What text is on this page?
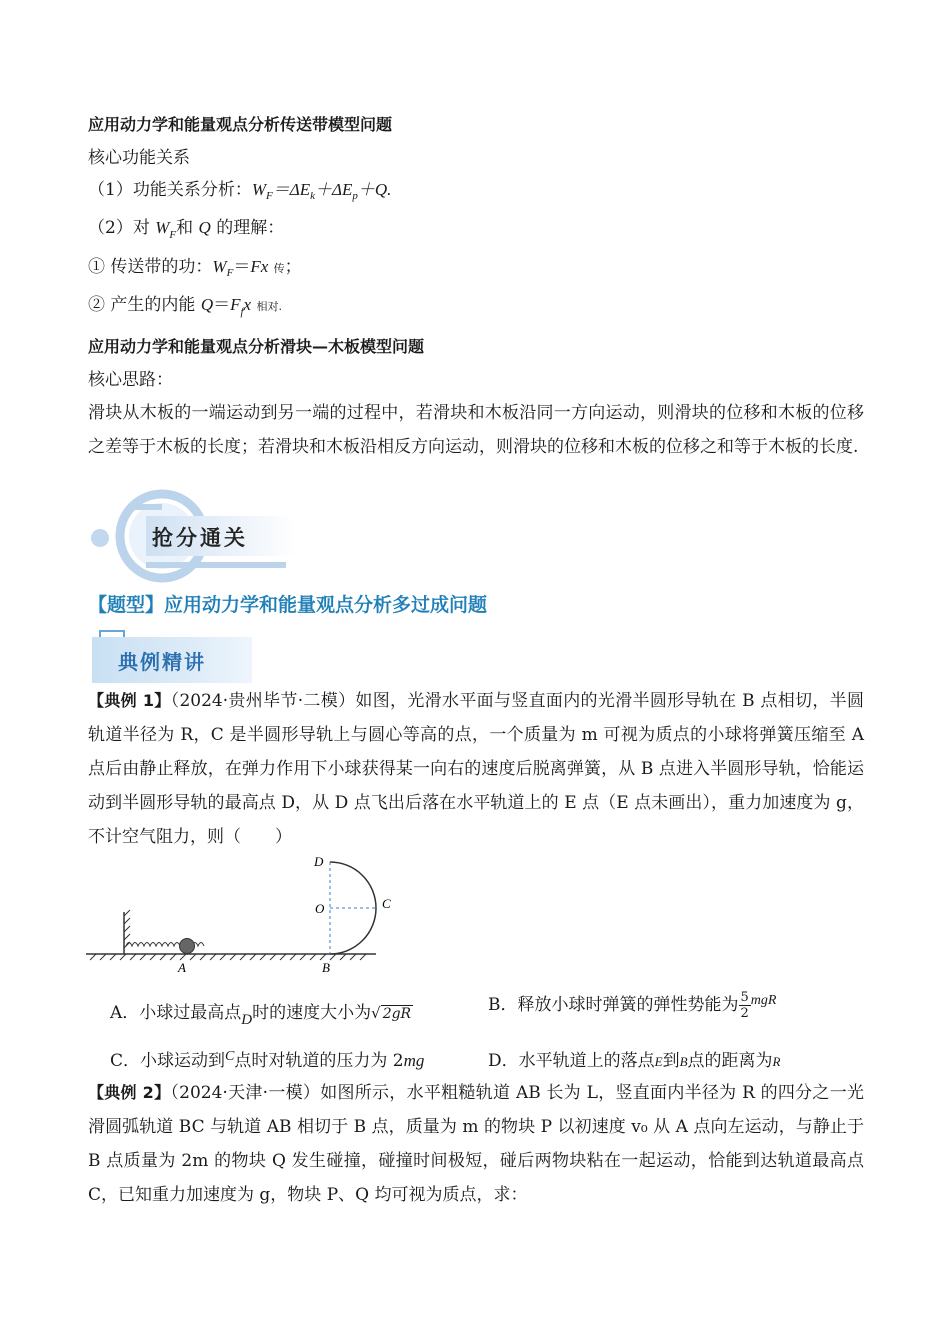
应用动力学和能量观点分析传送带模型问题

核心功能关系

（1）功能关系分析：$W_F=\Delta E_k+\Delta E_p+Q$.

（2）对 $W_F$和 Q 的理解：

① 传送带的功：$W_F=Fx$ 传；

② 产生的内能 $Q=F_fx$ 相对.

应用动力学和能量观点分析滑块—木板模型问题

核心思路：

滑块从木板的一端运动到另一端的过程中，若滑块和木板沿同一方向运动，则滑块的位移和木板的位移之差等于木板的长度；若滑块和木板沿相反方向运动，则滑块的位移和木板的位移之和等于木板的长度.

抢分通关
【题型】应用动力学和能量观点分析多过成问题
典例精讲

【典例 1】（2024·贵州毕节·二模）如图，光滑水平面与竖直面内的光滑半圆形导轨在 B 点相切，半圆轨道半径为 R，C 是半圆形导轨上与圆心等高的点，一个质量为 m 可视为质点的小球将弹簧压缩至 A 点后由静止释放，在弹力作用下小球获得某一向右的速度后脱离弹簧，从 B 点进入半圆形导轨，恰能运动到半圆形导轨的最高点 D，从 D 点飞出后落在水平轨道上的 E 点（E 点未画出），重力加速度为 g，不计空气阻力，则（　　）

A	B
C
D
O
A．小球过最高点D时的速度大小为√ 2gR	B．释放小球时弹簧的弹性势能为 $\frac{5}{2} ^{mgR}$
C．小球运动到$^C$点时对轨道的压力为 2mg	D．水平轨道上的落点E到B点的距离为R

【典例 2】（2024·天津·一模）如图所示，水平粗糙轨道 AB 长为 L，竖直面内半径为 R 的四分之一光滑圆弧轨道 BC 与轨道 AB 相切于 B 点，质量为 m 的物块 P 以初速度 v₀ 从 A 点向左运动，与静止于 B 点质量为 2m 的物块 Q 发生碰撞，碰撞时间极短，碰后两物块粘在一起运动，恰能到达轨道最高点 C，已知重力加速度为 g，物块 P、Q 均可视为质点，求：
